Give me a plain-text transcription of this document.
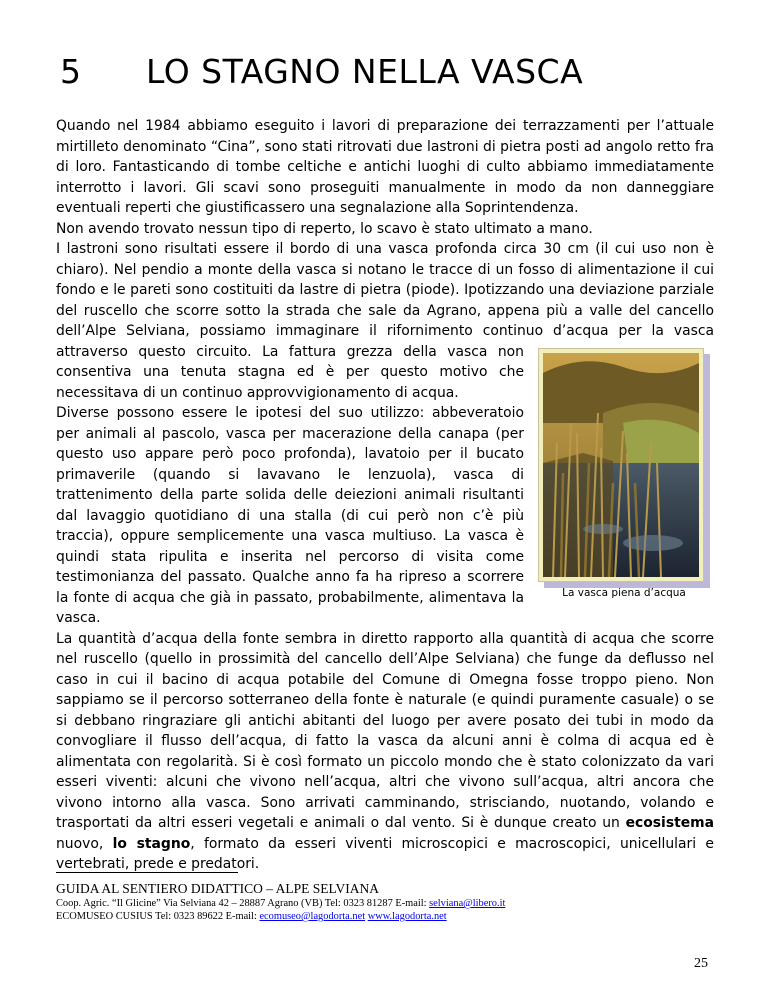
5 LO STAGNO NELLA VASCA

Quando nel 1984 abbiamo eseguito i lavori di preparazione dei terrazzamenti per l’attuale mirtilleto denominato “Cina”, sono stati ritrovati due lastroni di pietra posti ad angolo retto fra di loro. Fantasticando di tombe celtiche e antichi luoghi di culto abbiamo immediatamente interrotto i lavori. Gli scavi sono proseguiti manualmente in modo da non danneggiare eventuali reperti che giustificassero una segnalazione alla Soprintendenza.

Non avendo trovato nessun tipo di reperto, lo scavo è stato ultimato a mano.

I lastroni sono risultati essere il bordo di una vasca profonda circa 30 cm (il cui uso non è chiaro). Nel pendio a monte della vasca si notano le tracce di un fosso di alimentazione il cui fondo e le pareti sono costituiti da lastre di pietra (piode). Ipotizzando una deviazione parziale del ruscello che scorre sotto la strada che sale da Agrano, appena più a valle del cancello dell’Alpe Selviana, possiamo immaginare il rifornimento continuo d’acqua per la vasca attraverso questo circuito.
La vasca piena d’acqua
La fattura grezza della vasca non consentiva una tenuta stagna ed è per questo motivo che necessitava di un continuo approvvigionamento di acqua.

Diverse possono essere le ipotesi del suo utilizzo: abbeveratoio per animali al pascolo, vasca per macerazione della canapa (per questo uso appare però poco profonda), lavatoio per il bucato primaverile (quando si lavavano le lenzuola), vasca di trattenimento della parte solida delle deiezioni animali risultanti dal lavaggio quotidiano di una stalla (di cui però non c’è più traccia), oppure semplicemente una vasca multiuso. La vasca è quindi stata ripulita e inserita nel percorso di visita come testimonianza del passato. Qualche anno fa ha ripreso a scorrere la fonte di acqua che già in passato, probabilmente, alimentava la vasca.

La quantità d’acqua della fonte sembra in diretto rapporto alla quantità di acqua che scorre nel ruscello (quello in prossimità del cancello dell’Alpe Selviana) che funge da deflusso nel caso in cui il bacino di acqua potabile del Comune di Omegna fosse troppo pieno. Non sappiamo se il percorso sotterraneo della fonte è naturale (e quindi puramente casuale) o se si debbano ringraziare gli antichi abitanti del luogo per avere posato dei tubi in modo da convogliare il flusso dell’acqua, di fatto la vasca da alcuni anni è colma di acqua ed è alimentata con regolarità. Si è così formato un piccolo mondo che è stato colonizzato da vari esseri viventi: alcuni che vivono nell’acqua, altri che vivono sull’acqua, altri ancora che vivono intorno alla vasca. Sono arrivati camminando, strisciando, nuotando, volando e trasportati da altri esseri vegetali e animali o dal vento. Si è dunque creato un ecosistema nuovo, lo stagno, formato da esseri viventi microscopici e macroscopici, unicellulari e vertebrati, prede e predatori.

GUIDA AL SENTIERO DIDATTICO – ALPE SELVIANA
Coop. Agric. “Il Glicine” Via Selviana 42 – 28887 Agrano (VB) Tel: 0323 81287 E-mail: selviana@libero.it
ECOMUSEO CUSIUS Tel: 0323 89622 E-mail: ecomuseo@lagodorta.net www.lagodorta.net
25
